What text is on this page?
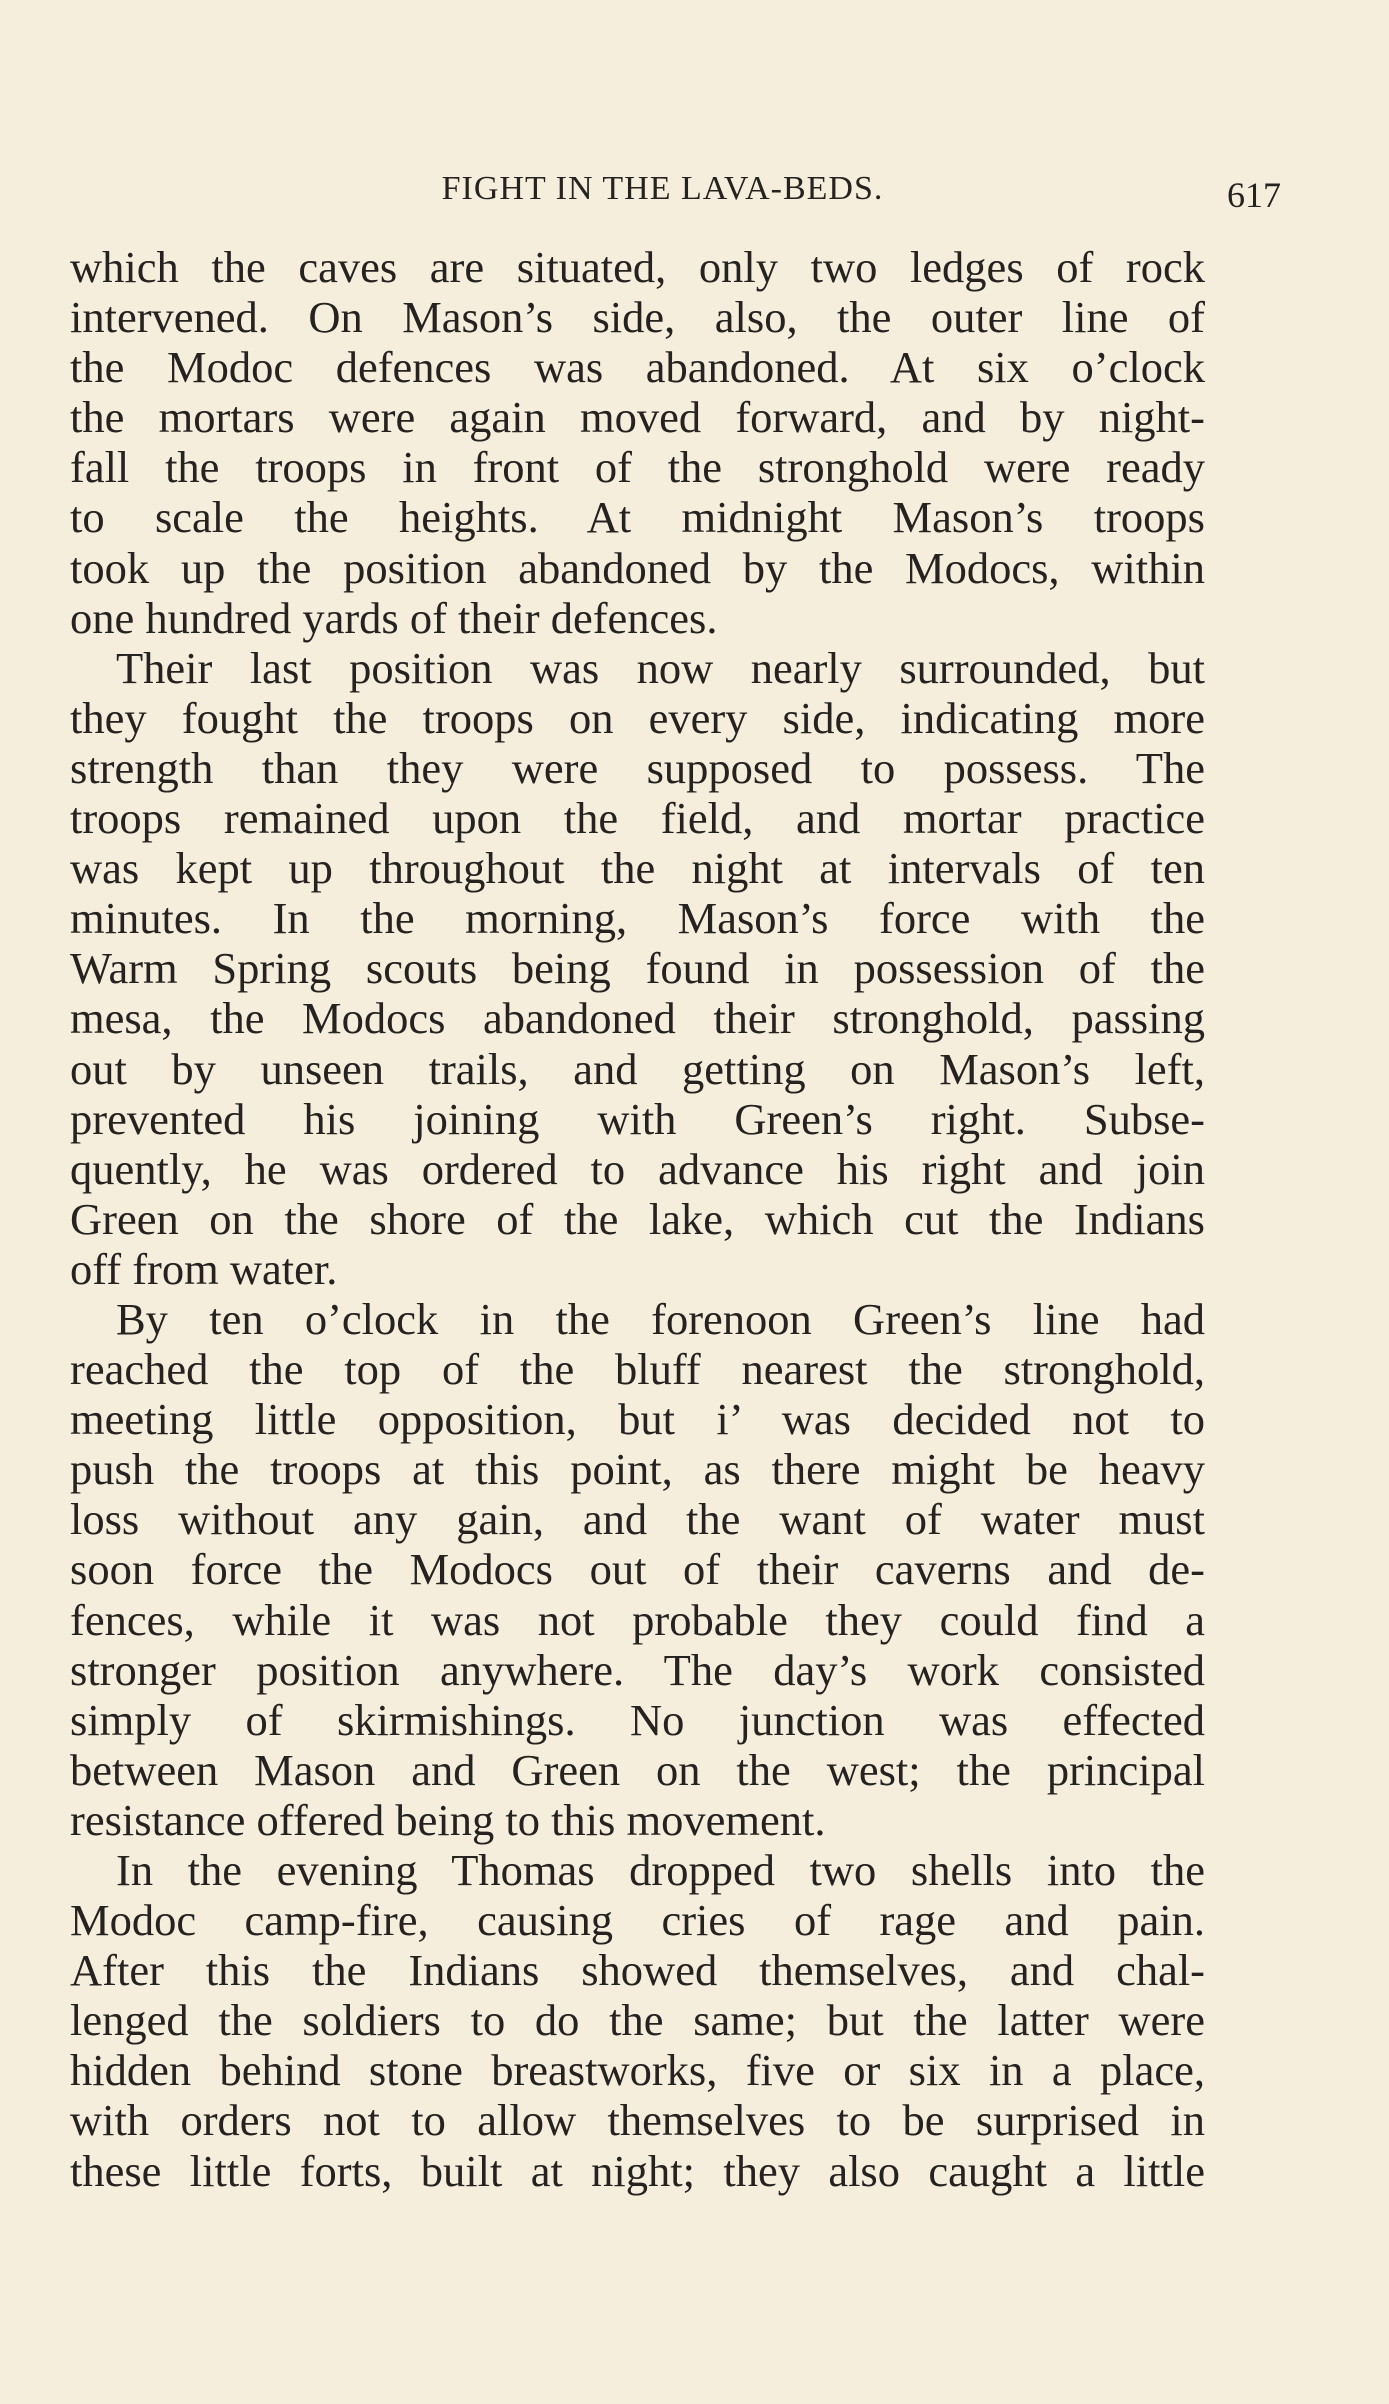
FIGHT IN THE LAVA-BEDS.	617
which the caves are situated, only two ledges of rock
intervened. On Mason’s side, also, the outer line of
the Modoc defences was abandoned. At six o’clock
the mortars were again moved forward, and by night-
fall the troops in front of the stronghold were ready
to scale the heights. At midnight Mason’s troops
took up the position abandoned by the Modocs, within
one hundred yards of their defences.
Their last position was now nearly surrounded, but
they fought the troops on every side, indicating more
strength than they were supposed to possess. The
troops remained upon the field, and mortar practice
was kept up throughout the night at intervals of ten
minutes. In the morning, Mason’s force with the
Warm Spring scouts being found in possession of the
mesa, the Modocs abandoned their stronghold, passing
out by unseen trails, and getting on Mason’s left,
prevented his joining with Green’s right. Subse-
quently, he was ordered to advance his right and join
Green on the shore of the lake, which cut the Indians
off from water.
By ten o’clock in the forenoon Green’s line had
reached the top of the bluff nearest the stronghold,
meeting little opposition, but i’ was decided not to
push the troops at this point, as there might be heavy
loss without any gain, and the want of water must
soon force the Modocs out of their caverns and de-
fences, while it was not probable they could find a
stronger position anywhere. The day’s work consisted
simply of skirmishings. No junction was effected
between Mason and Green on the west; the principal
resistance offered being to this movement.
In the evening Thomas dropped two shells into the
Modoc camp-fire, causing cries of rage and pain.
After this the Indians showed themselves, and chal-
lenged the soldiers to do the same; but the latter were
hidden behind stone breastworks, five or six in a place,
with orders not to allow themselves to be surprised in
these little forts, built at night; they also caught a little
